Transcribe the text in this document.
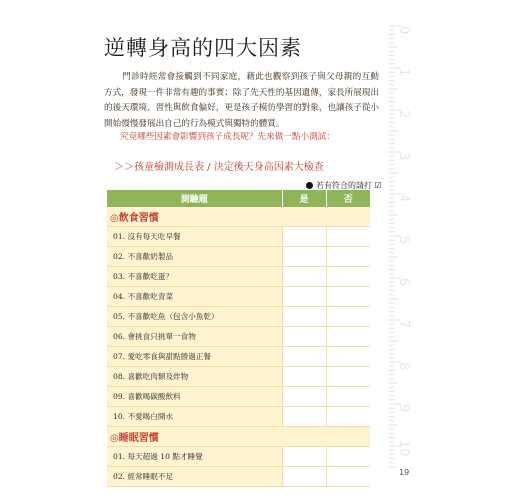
逆轉身高的四大因素

門診時經常會接觸到不同家庭，藉此也觀察到孩子與父母親的互動方式，發現一件非常有趣的事實；除了先天性的基因遺傳，家長所展現出的後天環境、習性與飲食偏好，更是孩子模仿學習的對象，也讓孩子從小開始慢慢發展出自己的行為模式與獨特的體質。

究竟哪些因素會影響到孩子成長呢？先來做一點小測試：

＞＞孩童檢測成長表 / 決定後天身高因素大檢查

若有符合的請打 ☑
測驗題	是	否
◎飲食習慣		
01. 沒有每天吃早餐		
02. 不喜歡奶製品		
03. 不喜歡吃蛋？		
04. 不喜歡吃青菜		
05. 不喜歡吃魚（包含小魚乾）		
06. 會挑食只挑單一食物		
07. 愛吃零食與甜點勝過正餐		
08. 喜歡吃肉類及炸物		
09. 喜歡喝碳酸飲料		
10. 不愛喝白開水		
◎睡眠習慣		
01. 每天超過 10 點才睡覺		
02. 經常睡眠不足		
0
1
2
3
4
5
6
7
8
9
10
19
